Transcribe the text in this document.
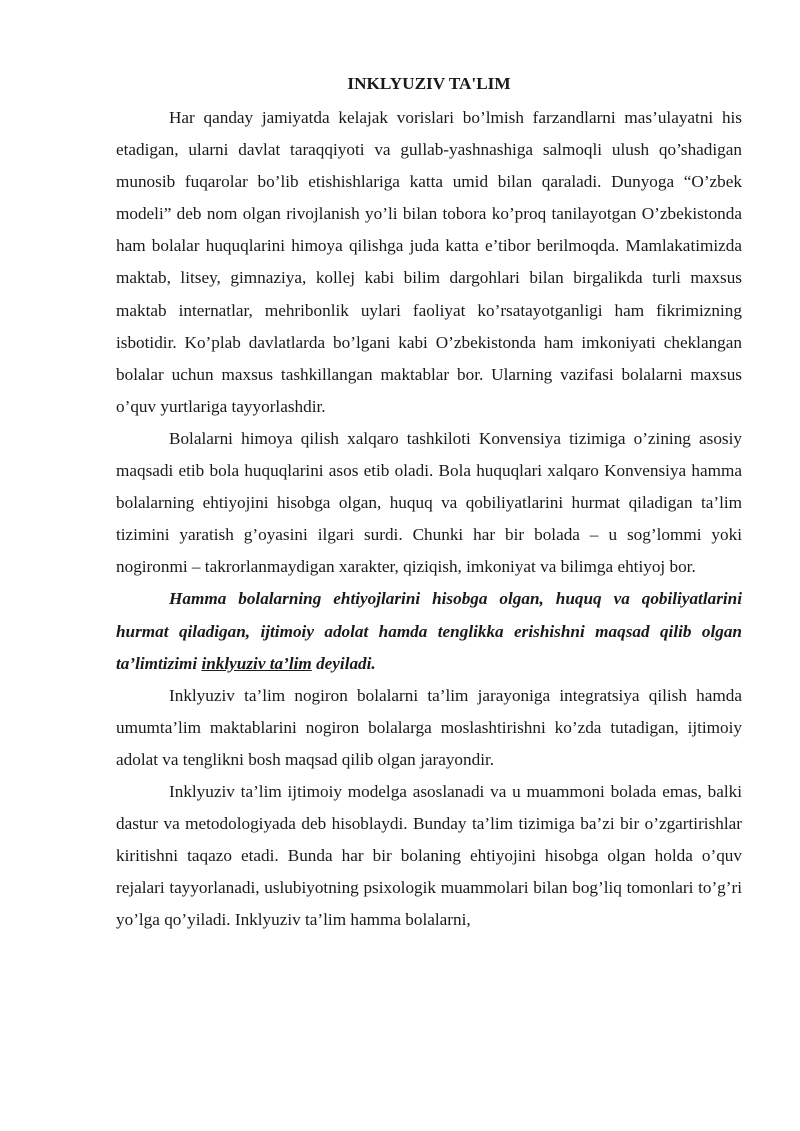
INKLYUZIV TA'LIM

Har qanday jamiyatda kelajak vorislari bo’lmish farzandlarni mas’ulayatni his etadigan, ularni davlat taraqqiyoti va gullab-yashnashiga salmoqli ulush qo’shadigan munosib fuqarolar bo’lib etishishlariga katta umid bilan qaraladi. Dunyoga “O’zbek modeli” deb nom olgan rivojlanish yo’li bilan tobora ko’proq tanilayotgan O’zbekistonda ham bolalar huquqlarini himoya qilishga juda katta e’tibor berilmoqda. Mamlakatimizda maktab, litsey, gimnaziya, kollej kabi bilim dargohlari bilan birgalikda turli maxsus maktab internatlar, mehribonlik uylari faoliyat ko’rsatayotganligi ham fikrimizning isbotidir. Ko’plab davlatlarda bo’lgani kabi O’zbekistonda ham imkoniyati cheklangan bolalar uchun maxsus tashkillangan maktablar bor. Ularning vazifasi bolalarni maxsus o’quv yurtlariga tayyorlashdir.

Bolalarni himoya qilish xalqaro tashkiloti Konvensiya tizimiga o’zining asosiy maqsadi etib bola huquqlarini asos etib oladi. Bola huquqlari xalqaro Konvensiya hamma bolalarning ehtiyojini hisobga olgan, huquq va qobiliyatlarini hurmat qiladigan ta’lim tizimini yaratish g’oyasini ilgari surdi. Chunki har bir bolada – u sog’lommi yoki nogironmi – takrorlanmaydigan xarakter, qiziqish, imkoniyat va bilimga ehtiyoj bor.

Hamma bolalarning ehtiyojlarini hisobga olgan, huquq va qobiliyatlarini hurmat qiladigan, ijtimoiy adolat hamda tenglikka erishishni maqsad qilib olgan ta’limtizimi inklyuziv ta’lim deyiladi.

Inklyuziv ta’lim nogiron bolalarni ta’lim jarayoniga integratsiya qilish hamda umumta’lim maktablarini nogiron bolalarga moslashtirishni ko’zda tutadigan, ijtimoiy adolat va tenglikni bosh maqsad qilib olgan jarayondir.

Inklyuziv ta’lim ijtimoiy modelga asoslanadi va u muammoni bolada emas, balki dastur va metodologiyada deb hisoblaydi. Bunday ta’lim tizimiga ba’zi bir o’zgartirishlar kiritishni taqazo etadi. Bunda har bir bolaning ehtiyojini hisobga olgan holda o’quv rejalari tayyorlanadi, uslubiyotning psixologik muammolari bilan bog’liq tomonlari to’g’ri yo’lga qo’yiladi. Inklyuziv ta’lim hamma bolalarni,
